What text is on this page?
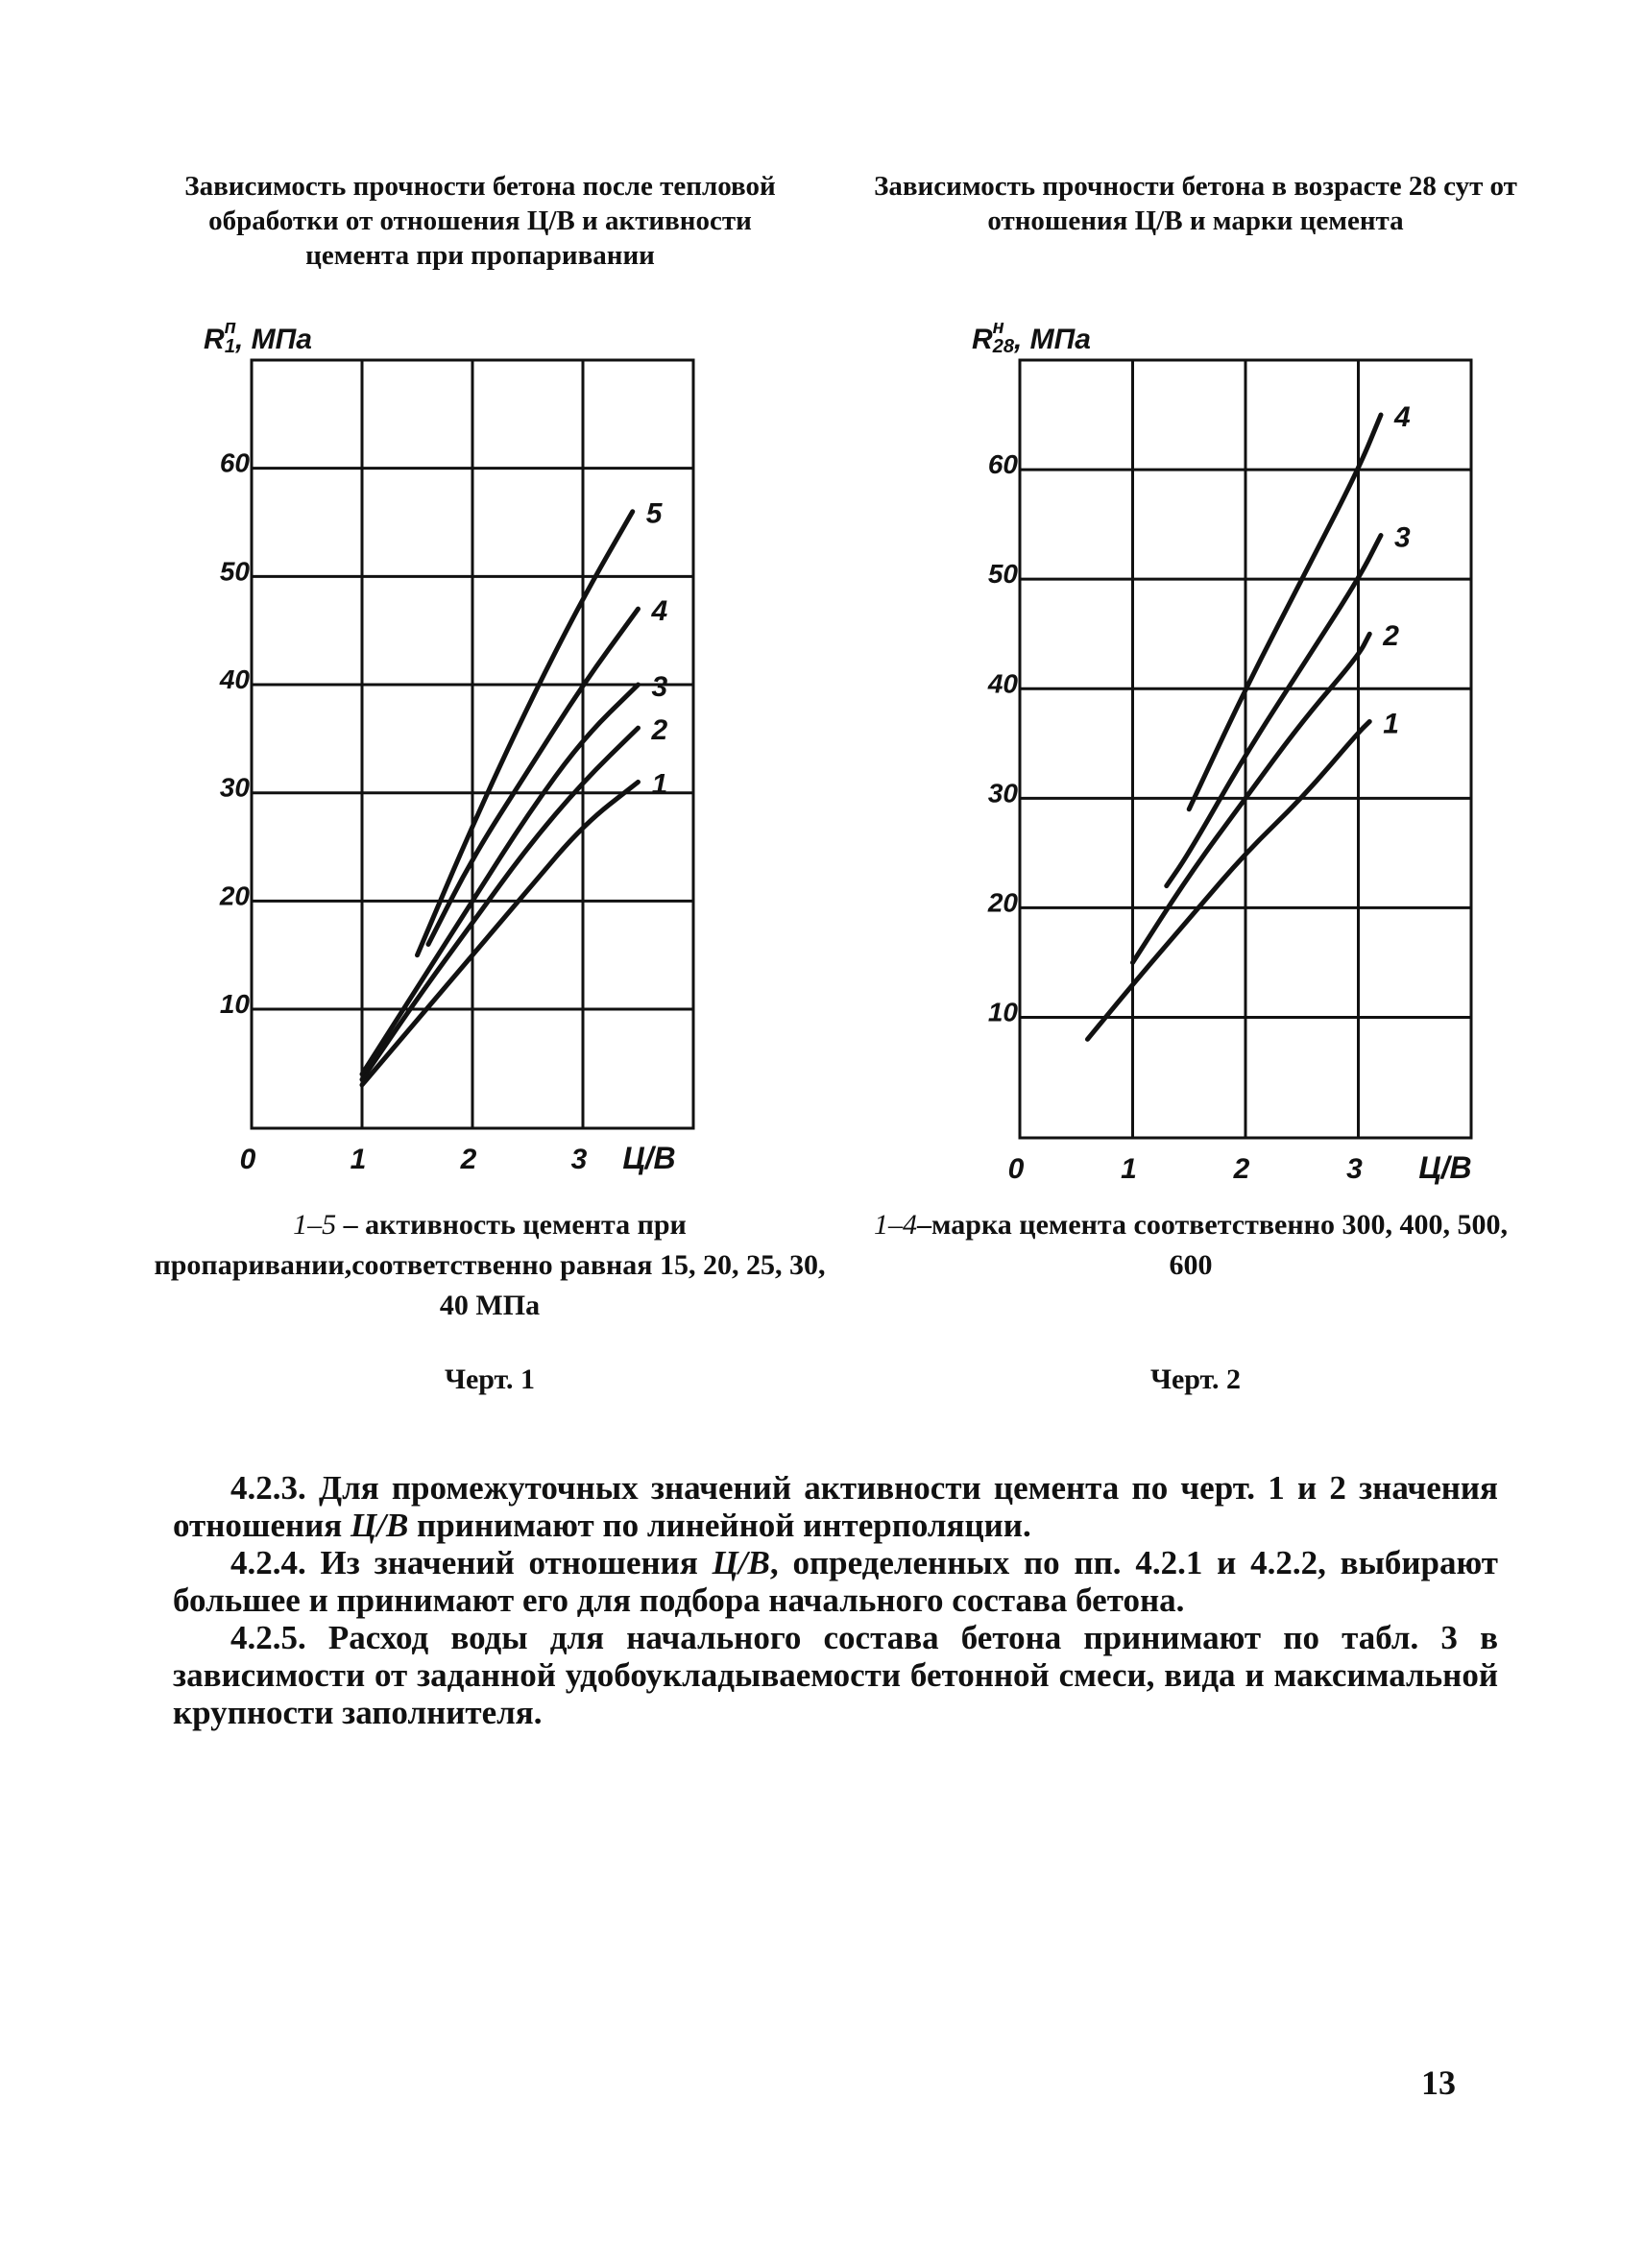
Зависимость прочности бетона после тепловой обработки от отношения Ц/В и активности цемента при пропаривании
Зависимость прочности бетона в возрасте 28 сут от отношения Ц/В и марки цемента
10
20
30
40
50
60
0	1	2	3 Ц/В
$R^п$ 1, МПа
1
2
3
4
5
10
20
30
40
50
60
0	1	2	3 Ц/В
$R^н$ 28, МПа
1
2
3
4
1–5 – активность цемента при пропаривании,соответственно равная 15, 20, 25, 30, 40 МПа
1–4–марка цемента соответственно 300, 400, 500, 600
Черт. 1	Черт. 2
4.2.3. Для промежуточных значений активности цемента по черт. 1 и 2 значения отношения Ц/В принимают по линейной интерполяции.
4.2.4. Из значений отношения Ц/В, определенных по пп. 4.2.1 и 4.2.2, выбирают большее и принимают его для подбора начального состава бетона.
4.2.5. Расход воды для начального состава бетона принимают по табл. 3 в зависимости от заданной удобоукладываемости бетонной смеси, вида и максимальной крупности заполнителя.
13
